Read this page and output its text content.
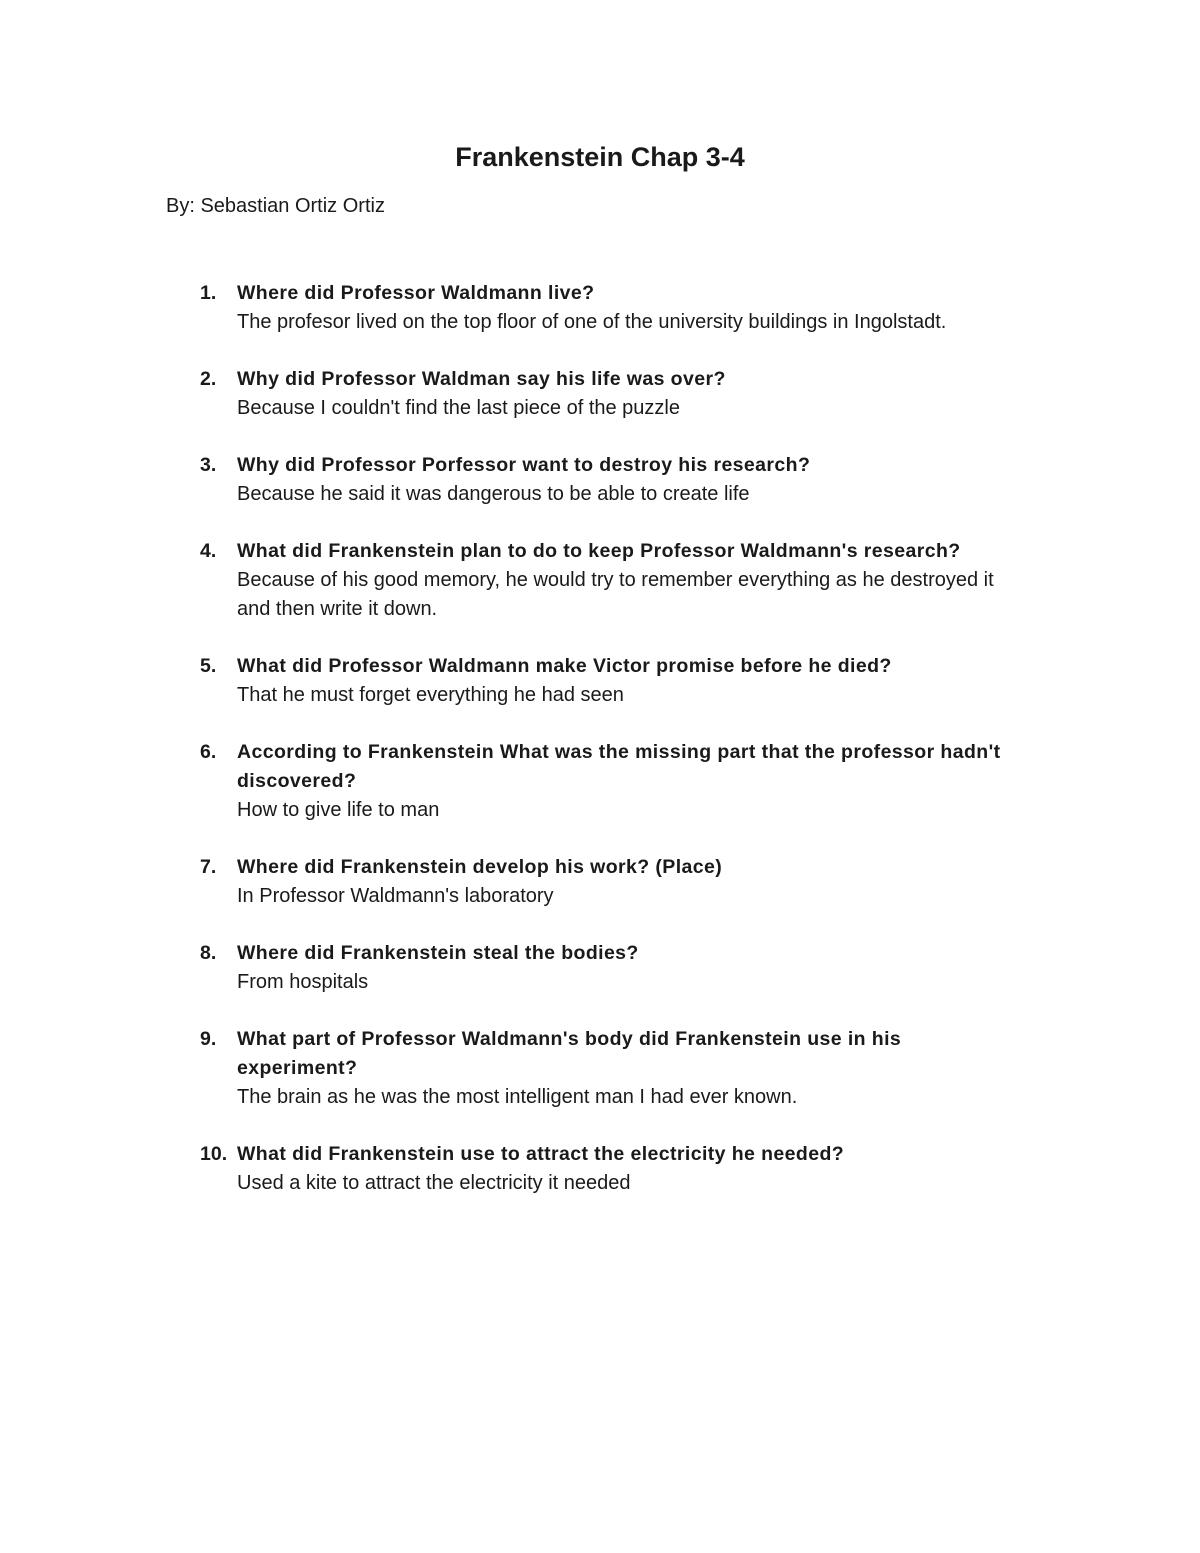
Frankenstein Chap 3-4

By: Sebastian Ortiz Ortiz

1. Where did Professor Waldmann live?
The profesor lived on the top floor of one of the university buildings in Ingolstadt.
2. Why did Professor Waldman say his life was over?
Because I couldn't find the last piece of the puzzle
3. Why did Professor Porfessor want to destroy his research?
Because he said it was dangerous to be able to create life
4. What did Frankenstein plan to do to keep Professor Waldmann's research?
Because of his good memory, he would try to remember everything as he destroyed it and then write it down.
5. What did Professor Waldmann make Victor promise before he died?
That he must forget everything he had seen
6. According to Frankenstein What was the missing part that the professor hadn't discovered?
How to give life to man
7. Where did Frankenstein develop his work? (Place)
In Professor Waldmann's laboratory
8. Where did Frankenstein steal the bodies?
From hospitals
9. What part of Professor Waldmann's body did Frankenstein use in his experiment?
The brain as he was the most intelligent man I had ever known.
10. What did Frankenstein use to attract the electricity he needed?
Used a kite to attract the electricity it needed
